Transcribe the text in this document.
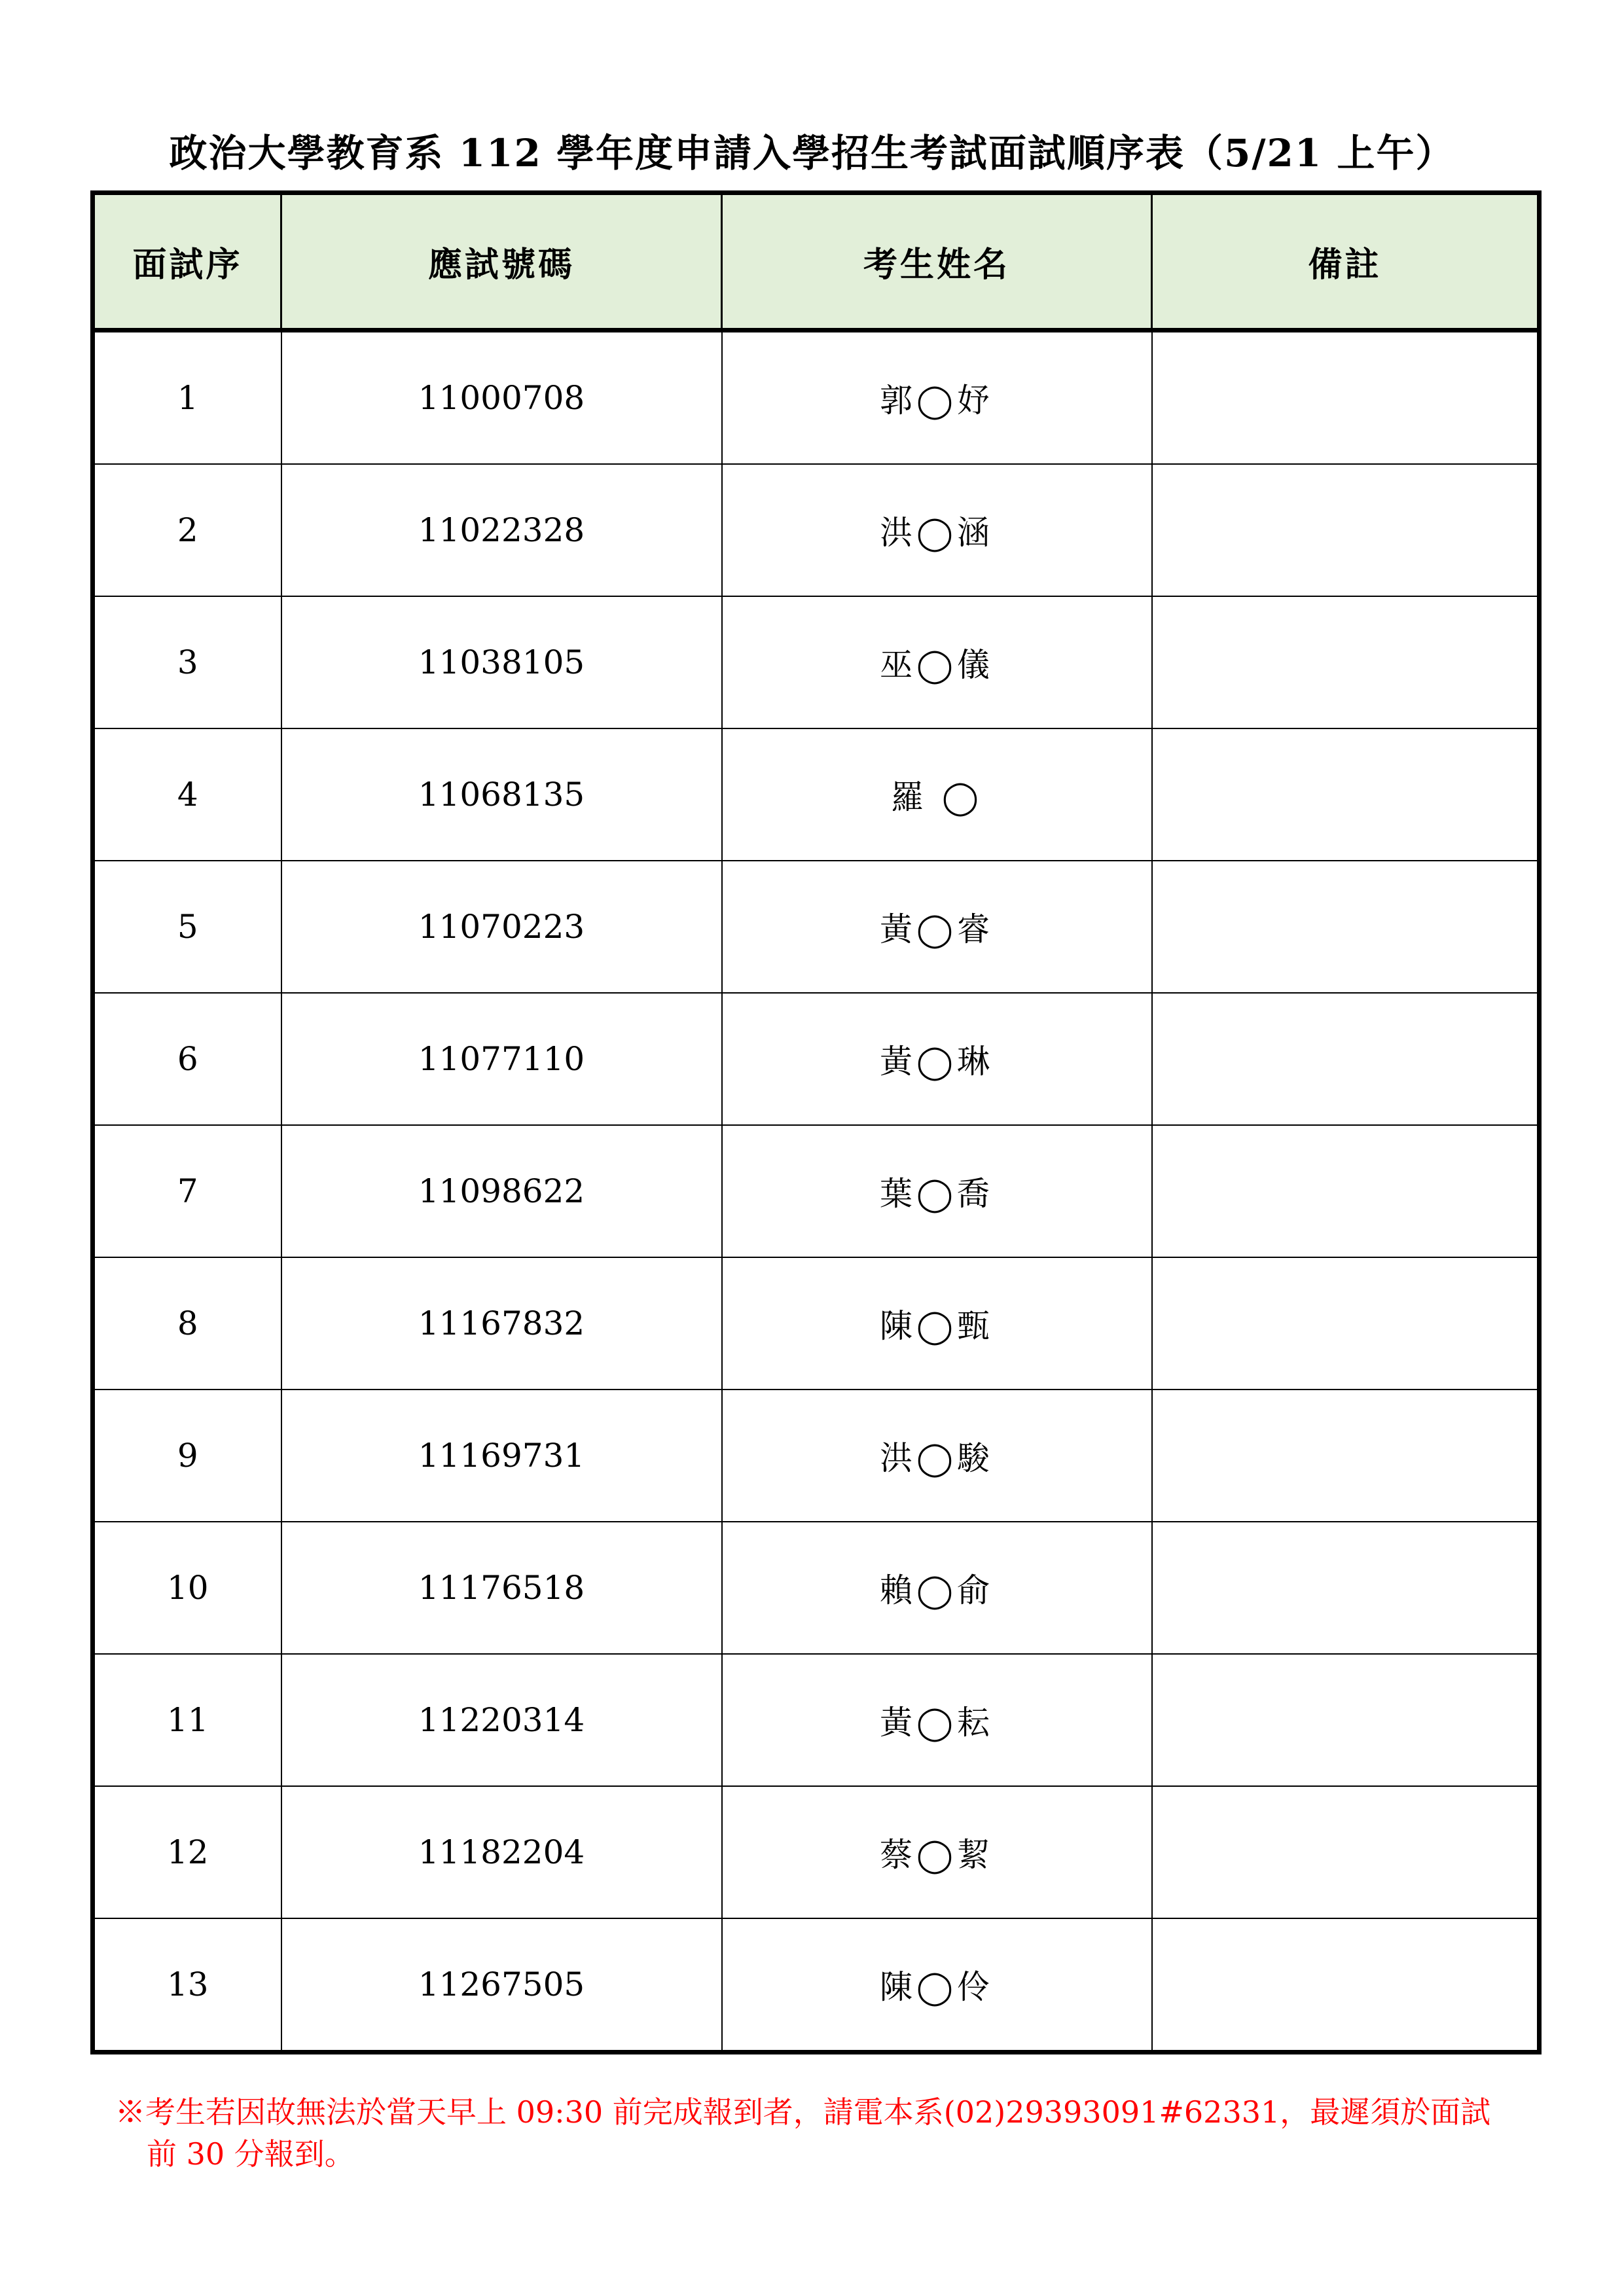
政治大學教育系 112 學年度申請入學招生考試面試順序表（5/21 上午）
面試序	應試號碼	考生姓名	備註
1	11000708	郭◯妤	
2	11022328	洪◯涵	
3	11038105	巫◯儀	
4	11068135	羅 ◯	
5	11070223	黃◯睿	
6	11077110	黃◯琳	
7	11098622	葉◯喬	
8	11167832	陳◯甄	
9	11169731	洪◯駿	
10	11176518	賴◯俞	
11	11220314	黃◯耘	
12	11182204	蔡◯絜	
13	11267505	陳◯伶	
※考生若因故無法於當天早上 09:30 前完成報到者，請電本系(02)29393091#62331，最遲須於面試
前 30 分報到。
